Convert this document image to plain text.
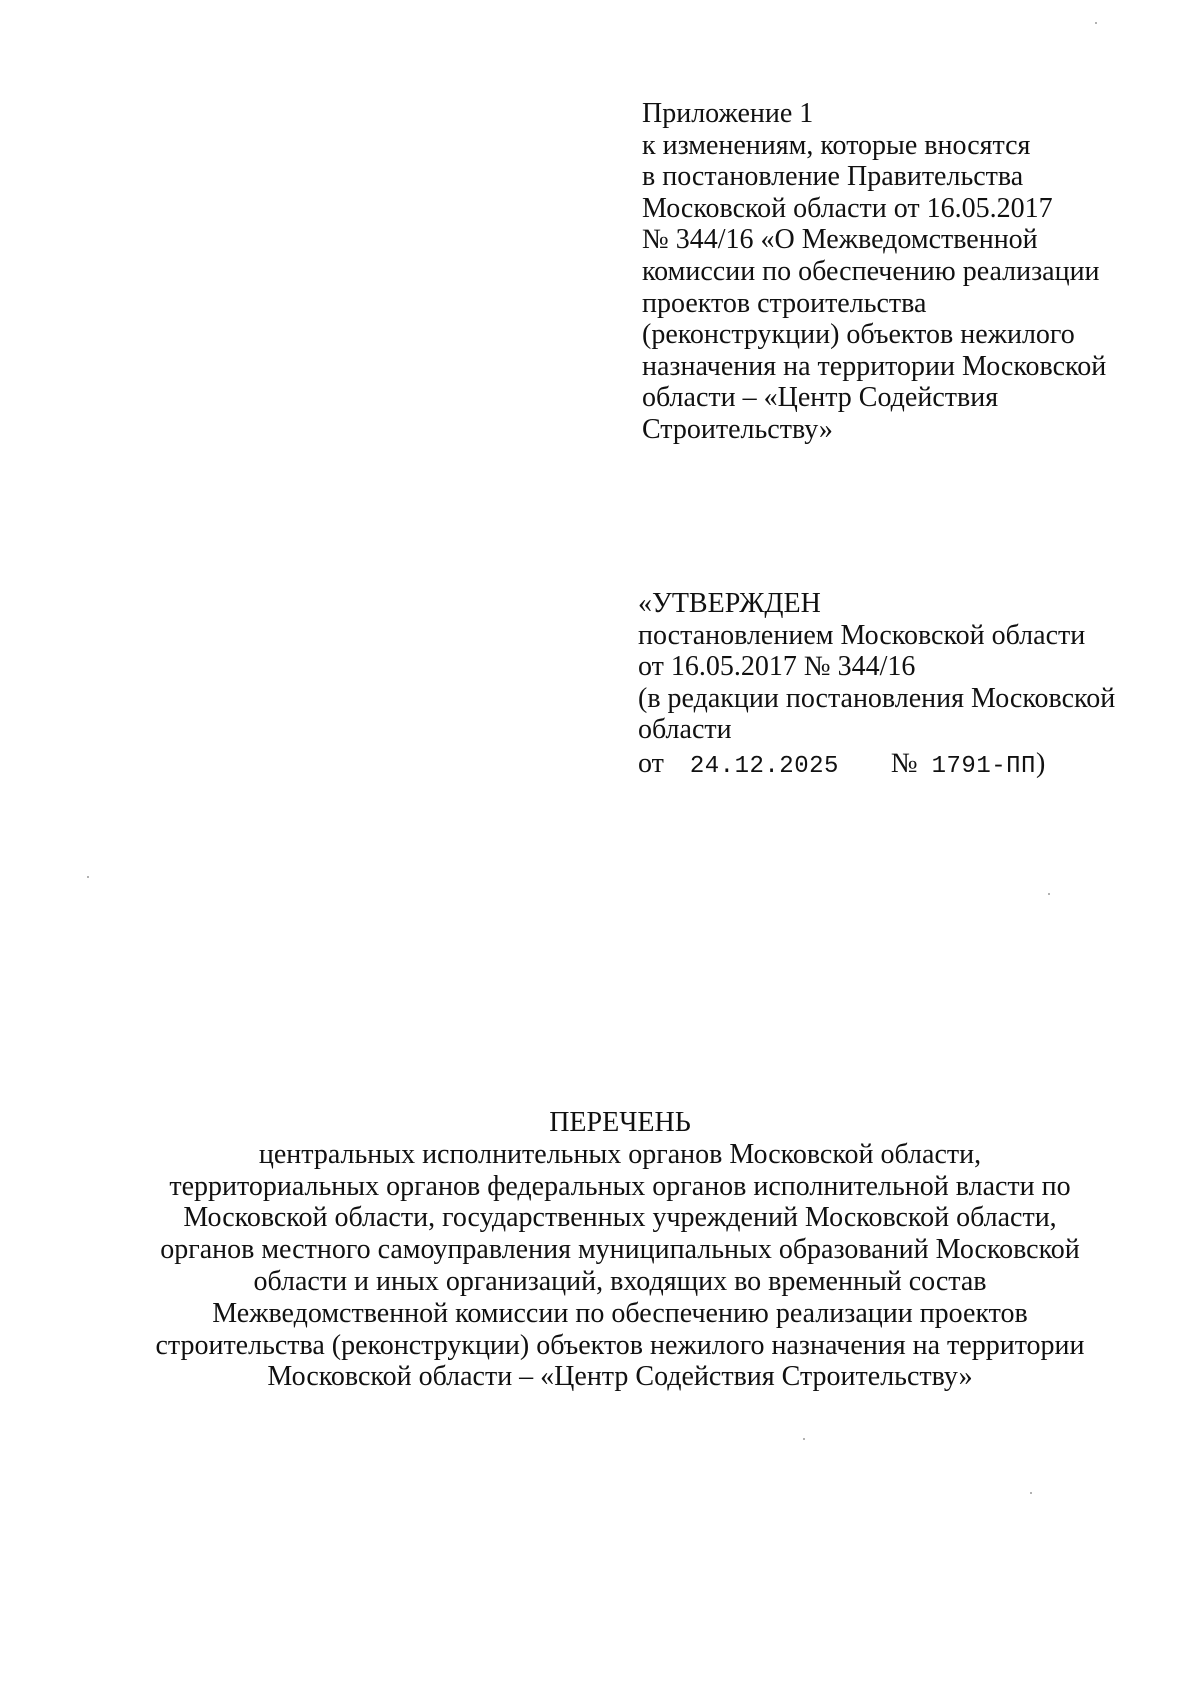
Приложение 1
к изменениям, которые вносятся
в постановление Правительства
Московской области от 16.05.2017
№ 344/16 «О Межведомственной
комиссии по обеспечению реализации
проектов строительства
(реконструкции) объектов нежилого
назначения на территории Московской
области – «Центр Содействия
Строительству»
«УТВЕРЖДЕН
постановлением Московской области
от 16.05.2017 № 344/16
(в редакции постановления Московской
области
от 24.12.2025 № 1791-ПП)
ПЕРЕЧЕНЬ
центральных исполнительных органов Московской области,
территориальных органов федеральных органов исполнительной власти по
Московской области, государственных учреждений Московской области,
органов местного самоуправления муниципальных образований Московской
области и иных организаций, входящих во временный состав
Межведомственной комиссии по обеспечению реализации проектов
строительства (реконструкции) объектов нежилого назначения на территории
Московской области – «Центр Содействия Строительству»
